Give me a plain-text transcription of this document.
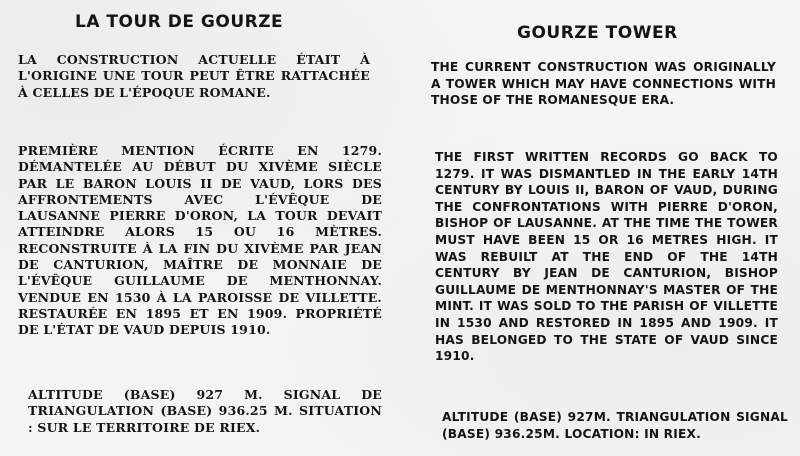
LA TOUR DE GOURZE

LA CONSTRUCTION ACTUELLE ÉTAIT À L'ORIGINE UNE TOUR PEUT ÊTRE RATTACHÉE À CELLES DE L'ÉPOQUE ROMANE.

PREMIÈRE MENTION ÉCRITE EN 1279. DÉMANTELÉE AU DÉBUT DU XIVÈME SIÈCLE PAR LE BARON LOUIS II DE VAUD, LORS DES AFFRONTEMENTS AVEC L'ÉVÊQUE DE LAUSANNE PIERRE D'ORON, LA TOUR DEVAIT ATTEINDRE ALORS 15 OU 16 MÈTRES. RECONSTRUITE À LA FIN DU XIVÈME PAR JEAN DE CANTURION, MAÎTRE DE MONNAIE DE L'ÉVÊQUE GUILLAUME DE MENTHONNAY. VENDUE EN 1530 À LA PAROISSE DE VILLETTE. RESTAURÉE EN 1895 ET EN 1909. PROPRIÉTÉ DE L'ÉTAT DE VAUD DEPUIS 1910.

ALTITUDE (BASE) 927 M. SIGNAL DE TRIANGULATION (BASE) 936.25 M. SITUATION : SUR LE TERRITOIRE DE RIEX.

GOURZE TOWER

THE CURRENT CONSTRUCTION WAS ORIGINALLY A TOWER WHICH MAY HAVE CONNECTIONS WITH THOSE OF THE ROMANESQUE ERA.

THE FIRST WRITTEN RECORDS GO BACK TO 1279. IT WAS DISMANTLED IN THE EARLY 14TH CENTURY BY LOUIS II, BARON OF VAUD, DURING THE CONFRONTATIONS WITH PIERRE D'ORON, BISHOP OF LAUSANNE. AT THE TIME THE TOWER MUST HAVE BEEN 15 OR 16 METRES HIGH. IT WAS REBUILT AT THE END OF THE 14TH CENTURY BY JEAN DE CANTURION, BISHOP GUILLAUME DE MENTHONNAY'S MASTER OF THE MINT. IT WAS SOLD TO THE PARISH OF VILLETTE IN 1530 AND RESTORED IN 1895 AND 1909. IT HAS BELONGED TO THE STATE OF VAUD SINCE 1910.

ALTITUDE (BASE) 927M. TRIANGULATION SIGNAL (BASE) 936.25M. LOCATION: IN RIEX.
